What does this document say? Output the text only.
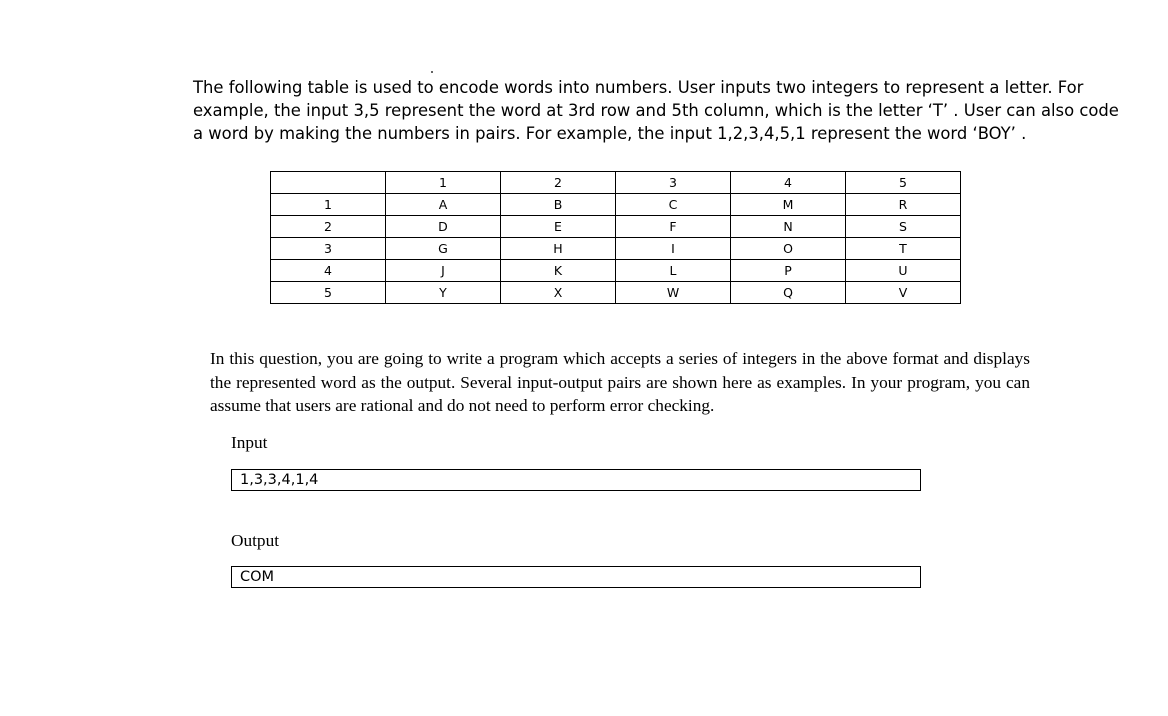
The following table is used to encode words into numbers. User inputs two integers to represent a letter. For

example, the input 3,5 represent the word at 3rd row and 5th column, which is the letter ‘T’ . User can also code

a word by making the numbers in pairs. For example, the input 1,2,3,4,5,1 represent the word ‘BOY’ .

	1	2	3	4	5
1	A	B	C	M	R
2	D	E	F	N	S
3	G	H	I	O	T
4	J	K	L	P	U
5	Y	X	W	Q	V
In this question, you are going to write a program which accepts a series of integers in the above format and displays the represented word as the output. Several input-output pairs are shown here as examples. In your program, you can assume that users are rational and do not need to perform error checking.
Input
1,3,3,4,1,4
Output
COM
